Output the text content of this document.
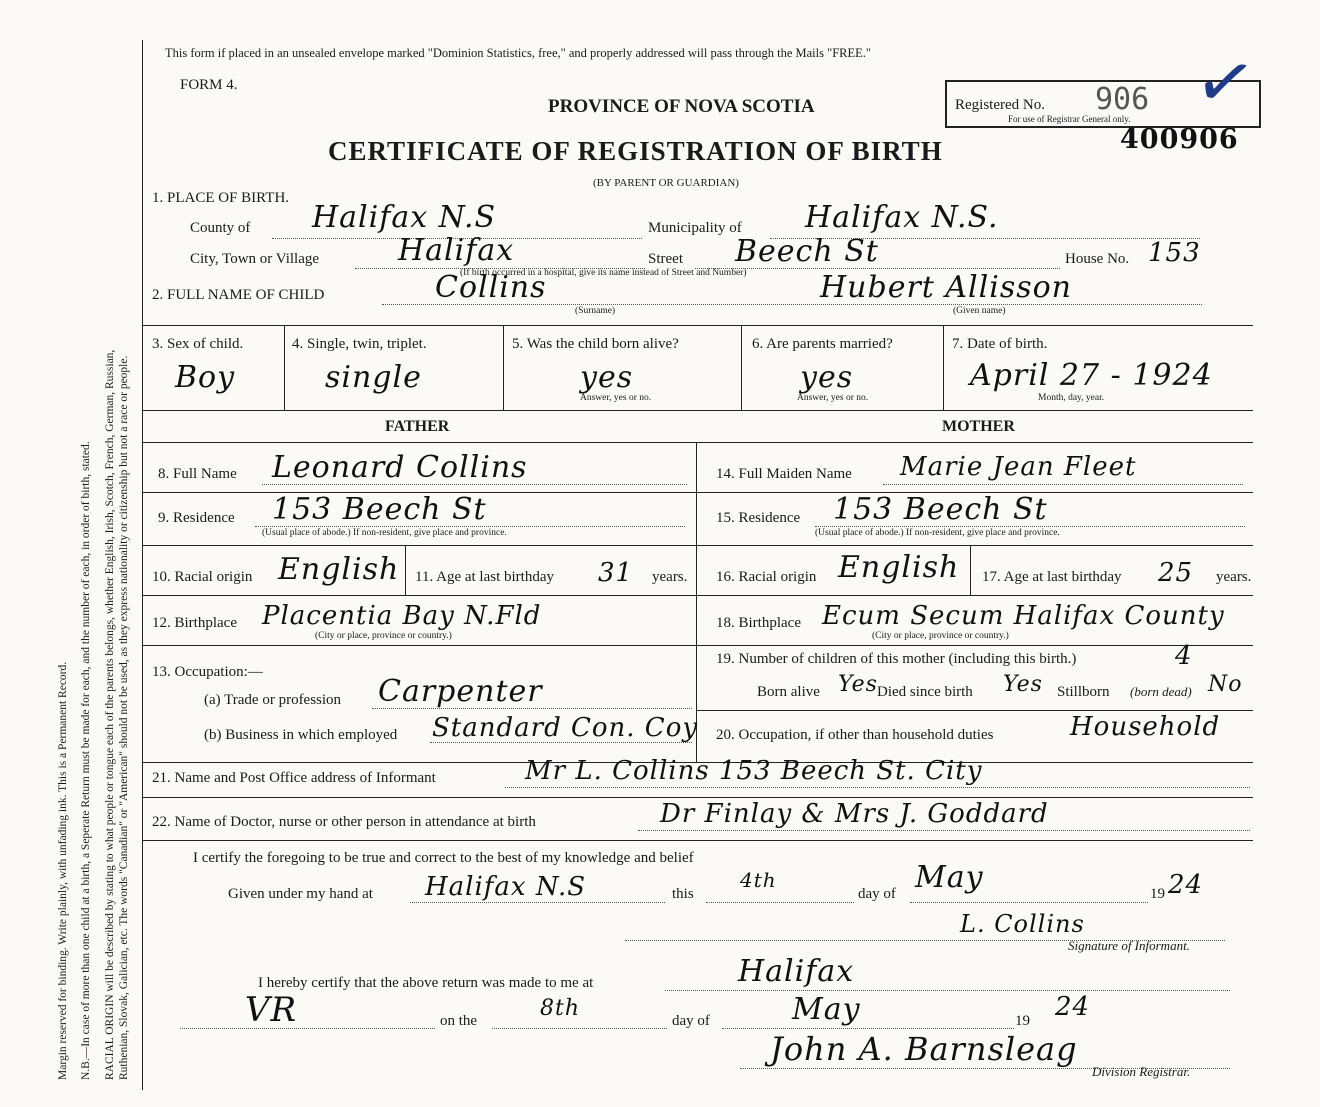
Margin reserved for binding. Write plainly, with unfading ink. This is a Permanent Record. N.B.—In case of more than one child at a birth, a Seperate Return must be made for each, and the number of each, in order of birth, stated. RACIAL ORIGIN will be described by stating to what people or tongue each of the parents belongs, whether English, Irish, Scotch, French, German, Russian, Ruthenian, Slovak, Galician, etc. The words "Canadian" or "American" should not be used, as they express nationality or citizenship but not a race or people.
This form if placed in an unsealed envelope marked "Dominion Statistics, free," and properly addressed will pass through the Mails "FREE."
FORM 4.
PROVINCE OF NOVA SCOTIA
CERTIFICATE OF REGISTRATION OF BIRTH
(BY PARENT OR GUARDIAN)
Registered No. 906
For use of Registrar General only.
400906
✓
1. PLACE OF BIRTH.
County of Halifax N.S	Municipality of Halifax N.S.
City, Town or Village	Halifax	Street Beech St	House No. 153
(If birth occurred in a hospital, give its name instead of Street and Number)
2. FULL NAME OF CHILD	Collins	Hubert Allisson
(Surname)	(Given name)
3. Sex of child.
Boy
4. Single, twin, triplet.
single
5. Was the child born alive?
yes
Answer, yes or no.
6. Are parents married?
yes
Answer, yes or no.
7. Date of birth.
April 27 - 1924
Month, day, year.
FATHER	MOTHER
8. Full Name Leonard Collins
9. Residence 153 Beech St
(Usual place of abode.) If non-resident, give place and province.
10. Racial origin English 11. Age at last birthday 31 years.
12. Birthplace Placentia Bay N.Fld
(City or place, province or country.)
13. Occupation:—
(a) Trade or profession Carpenter
(b) Business in which employed Standard Con. Coy
14. Full Maiden Name Marie Jean Fleet
15. Residence 153 Beech St
(Usual place of abode.) If non-resident, give place and province.
16. Racial origin English 17. Age at last birthday 25 years.
18. Birthplace Ecum Secum Halifax County
(City or place, province or country.)
19. Number of children of this mother (including this birth.)	4
Born alive Yes Died since birth Yes Stillborn (born dead) No
20. Occupation, if other than household duties	Household
21. Name and Post Office address of Informant	Mr L. Collins 153 Beech St. City
22. Name of Doctor, nurse or other person in attendance at birth	Dr Finlay & Mrs J. Goddard
I certify the foregoing to be true and correct to the best of my knowledge and belief
Given under my hand at Halifax N.S	this
4th
day of May	19 24
L. Collins
Signature of Informant.
I hereby certify that the above return was made to me at	Halifax
VR	on the	8th	day of	May	19 24
John A. Barnsleag
Division Registrar.
